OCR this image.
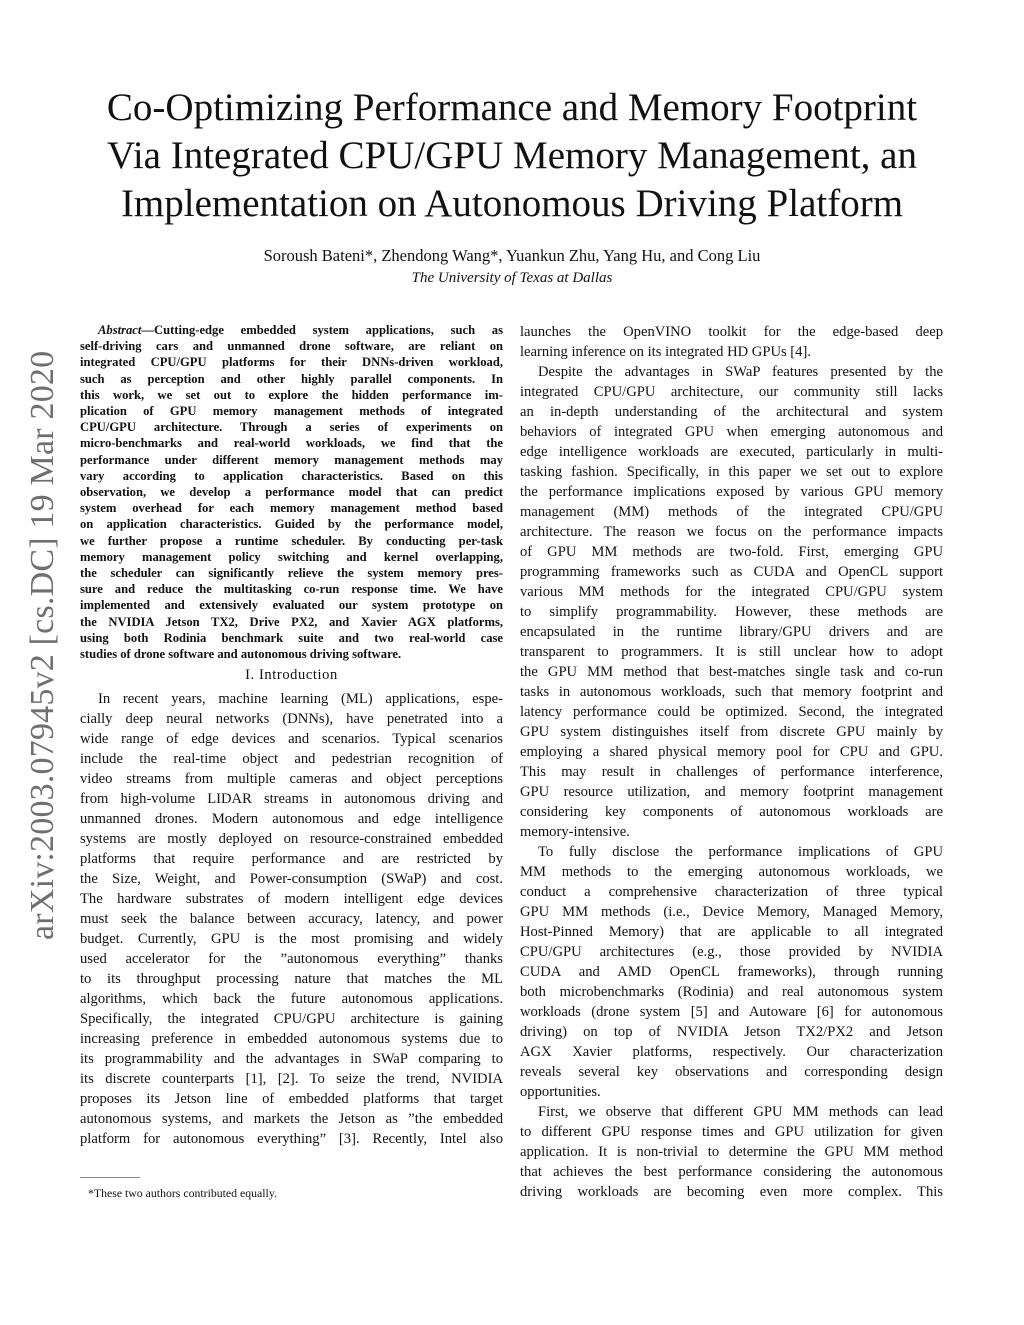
arXiv:2003.07945v2 [cs.DC] 19 Mar 2020
Co-Optimizing Performance and Memory Footprint
Via Integrated CPU/GPU Memory Management, an
Implementation on Autonomous Driving Platform
Soroush Bateni*, Zhendong Wang*, Yuankun Zhu, Yang Hu, and Cong Liu
The University of Texas at Dallas
Abstract—Cutting-edge embedded system applications, such as
self-driving cars and unmanned drone software, are reliant on
integrated CPU/GPU platforms for their DNNs-driven workload,
such as perception and other highly parallel components. In
this work, we set out to explore the hidden performance im-
plication of GPU memory management methods of integrated
CPU/GPU architecture. Through a series of experiments on
micro-benchmarks and real-world workloads, we find that the
performance under different memory management methods may
vary according to application characteristics. Based on this
observation, we develop a performance model that can predict
system overhead for each memory management method based
on application characteristics. Guided by the performance model,
we further propose a runtime scheduler. By conducting per-task
memory management policy switching and kernel overlapping,
the scheduler can significantly relieve the system memory pres-
sure and reduce the multitasking co-run response time. We have
implemented and extensively evaluated our system prototype on
the NVIDIA Jetson TX2, Drive PX2, and Xavier AGX platforms,
using both Rodinia benchmark suite and two real-world case
studies of drone software and autonomous driving software.
I. Introduction
In recent years, machine learning (ML) applications, espe-
cially deep neural networks (DNNs), have penetrated into a
wide range of edge devices and scenarios. Typical scenarios
include the real-time object and pedestrian recognition of
video streams from multiple cameras and object perceptions
from high-volume LIDAR streams in autonomous driving and
unmanned drones. Modern autonomous and edge intelligence
systems are mostly deployed on resource-constrained embedded
platforms that require performance and are restricted by
the Size, Weight, and Power-consumption (SWaP) and cost.
The hardware substrates of modern intelligent edge devices
must seek the balance between accuracy, latency, and power
budget. Currently, GPU is the most promising and widely
used accelerator for the ”autonomous everything” thanks
to its throughput processing nature that matches the ML
algorithms, which back the future autonomous applications.
Specifically, the integrated CPU/GPU architecture is gaining
increasing preference in embedded autonomous systems due to
its programmability and the advantages in SWaP comparing to
its discrete counterparts [1], [2]. To seize the trend, NVIDIA
proposes its Jetson line of embedded platforms that target
autonomous systems, and markets the Jetson as ”the embedded
platform for autonomous everything” [3]. Recently, Intel also
*These two authors contributed equally.
launches the OpenVINO toolkit for the edge-based deep
learning inference on its integrated HD GPUs [4].
Despite the advantages in SWaP features presented by the
integrated CPU/GPU architecture, our community still lacks
an in-depth understanding of the architectural and system
behaviors of integrated GPU when emerging autonomous and
edge intelligence workloads are executed, particularly in multi-
tasking fashion. Specifically, in this paper we set out to explore
the performance implications exposed by various GPU memory
management (MM) methods of the integrated CPU/GPU
architecture. The reason we focus on the performance impacts
of GPU MM methods are two-fold. First, emerging GPU
programming frameworks such as CUDA and OpenCL support
various MM methods for the integrated CPU/GPU system
to simplify programmability. However, these methods are
encapsulated in the runtime library/GPU drivers and are
transparent to programmers. It is still unclear how to adopt
the GPU MM method that best-matches single task and co-run
tasks in autonomous workloads, such that memory footprint and
latency performance could be optimized. Second, the integrated
GPU system distinguishes itself from discrete GPU mainly by
employing a shared physical memory pool for CPU and GPU.
This may result in challenges of performance interference,
GPU resource utilization, and memory footprint management
considering key components of autonomous workloads are
memory-intensive.
To fully disclose the performance implications of GPU
MM methods to the emerging autonomous workloads, we
conduct a comprehensive characterization of three typical
GPU MM methods (i.e., Device Memory, Managed Memory,
Host-Pinned Memory) that are applicable to all integrated
CPU/GPU architectures (e.g., those provided by NVIDIA
CUDA and AMD OpenCL frameworks), through running
both microbenchmarks (Rodinia) and real autonomous system
workloads (drone system [5] and Autoware [6] for autonomous
driving) on top of NVIDIA Jetson TX2/PX2 and Jetson
AGX Xavier platforms, respectively. Our characterization
reveals several key observations and corresponding design
opportunities.
First, we observe that different GPU MM methods can lead
to different GPU response times and GPU utilization for given
application. It is non-trivial to determine the GPU MM method
that achieves the best performance considering the autonomous
driving workloads are becoming even more complex. This
